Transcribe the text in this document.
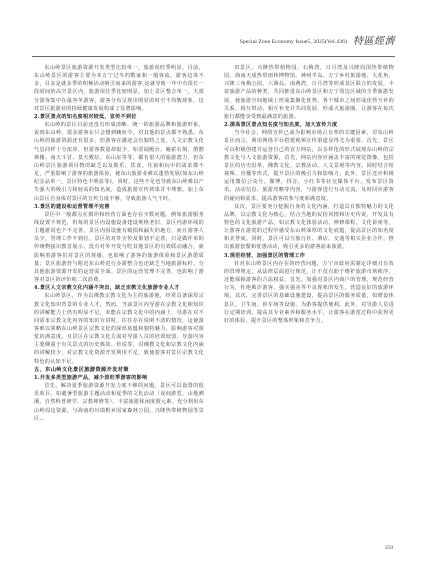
Special Zone Economy Issue5, 2025(Vol.436) 特區經濟

东山岭景区旅游资源开发类型比较单一，旅游误旺季明显，目前，东山岭景区的游客主要为本万宁过冬的数家和一般客流，游客边体不多，目多是就多季的积極活动吸引而来的游客,这就导致一年中有很长一段时间的高空景区内，旅游误往季比较明显，加上景区整合单一，大部分游客集中在最容冬游客，游客分布呈现出明显的时空不均衡现象，这对景区旅游业的持续健康发展构成了显著影响。

2.景区景点的知名度相对较低，宣传不到位

东山岭的景区目前还没有形成清晰、统一的旅游品牌和旅游形象，说到东山岭，很多游客在只会想到赖宿令，对其他的景点都不熟悉。东山岭的旅游资源还有很多，但游客在感还会有独特之处，人文宗教文化气息同样十分浓厚，但游客数量却很少，如香闻殿台、瞳霍石刻、鹊鹊禅楼、南天斗冒、莫天殿坛、东山室等等，都有很大的旅游潜力，但东山岭景区旅游项目物的缺乏以及娱乐、饮食、住宿和玩中的需求都不足，严重影响了游客的旅游体验，使东山旅游业难以蓬勃发展(如东山岭纪念品单一，景区特色不明显等)。同时，这些不足也导致东山岭难以产生强大的吸引力和较高的知名度，造成旅游宣传效果并不理想。加上东山景区自身体对景区的宣传力度不够，导致旅游人气不旺。

3.景区的建设和运营管理不完善

景区中一般都点在摄坦和经营方面也存在少数问题。例如旅游服务线设置不规范，但每的景区内设施设备建设规格老旧，景区内游环线的主题游说也个不完善，景区内因设施有破损和漏失的地方，而且游客人员少，管理工作不到位。景区的对外宣传及策划不完善，只是做作单的传统物接识教首展示，没有对外开发与吃其他景区的有效联动融合，就影响着游客们对景区的观感，也影响了游客的旅游体验和景区游憩质量；景区旅游营与附近东山岭进行多游整合也还缺乏当地旅游标杆，分其他旅游资源开发的运营需全面。景区的运营管理不完善，也影响了游客对景区的评价和二次消费。

4.景区人文宗教文化内涵不突出，缺乏宗教文化旅游专业人才

东山岭景区，作为以佛教宗教文化为主的旅游地，经常具备深厚宗教文化知识背景的专业人才，然而，当前景区内导游在宗教文化和知识的讲解能力上仍有明显不足，未能在宗教文化中的内涵上，导游在对不同需求宗教文化内容的知识宣讲时，往往存在说明不清的情况，这使游客难以领略东山岭景区宗教文化的深厚底蕴和独特魅力，影响游客对游览的满意度。且景区在宗教文化方面对导游人员的培训较弱，导游内容主要侧重于有关景点的历史典故、传说等，对佛教文化和宗教文化内涵的讲解较少，对宗教文化资源开发利用不足，致使游客对景区宗教文化特色的认知不足。

五、东山岭文化景区旅游资源开发对策
1.开发多类型旅游产品，减少淡旺季游客的影响

首先，解决夏季旅游资源开发力度不够的问题。景区可以设置的很乐项目，如避暑型旅游主题活动和夏季的文化活动（夜间游览、山地溯溪、自然科普研学、宗教禅修等），丰富旅游休闲度假元素。充分利用东山岭周边资源，与海南的川瑞根乡国家森林公园、兴隆热带植物园等景区...

田景区，兴隆热带植物园、石梅湾，日月湾及兴隆周围热带植物园，海南天成热带雨林博物馆、神州半岛、万宁乡村旅游地、大花角，兴隆三角梅公园，六洲岛，南燕湾，日月湾等形成景区联合的发展，丰富旅游产品的种类，共同推进东山岭景区和万宁周边区域的全季旅游发展，使旅游空间地域上形成集聚化优势，各个城市之间形成优势互补的关系，相互带动，相互补充并共同发展，形成大旅游圈，让游客在每次旅行都能享受到最满意的旅游。

2.提高景区景点知名度与知名度，加大宣传力度

当今社会，网络宣传已成为影响市场占有率的关键因素，对东山岭景区而言，利用网络平台搭建视频宣传渠道显得尤为重要。首先，景区可以积极创建并运营自己的官方网站，以多样化的形式展现东山岭的宗教文化与人文旅游资源，首先，网站内容应涵盖丰富的视觉图像，包括景区的历史沿革、佛教文化、宗教活动、人文景观等内容，同时结合短视频、直播等形式，提升景区的吸引力和影响力。此外，景区还应积极运用微信公众号、微博、抖音、小红书等社交媒体平台，发布景区资讯、活动信息、旅游攻略等内容，与游客进行互动交流，及时回应游客的疑问和需求，提高游客的参与度和满意度。

其次，景区要充分挖掘自身的文化内涵，打造具有独特魅力的文化品牌，以宗教文化为核心，结合当地的民俗风情和历史传说，开发具有特色的文化旅游产品，如宗教文化体验活动、禅修课程、文化讲座等，让游客在游览的过程中感受东山岭深厚的文化底蕴，提高景区的知名度和美誉度。同时，景区可以与旅行社、酒店、交通等相关企业合作，推出旅游套餐和优惠活动，吸引更多的游客前来旅游。

3.规范经营，加强景区的管理工作

针对东山岭景区内存在的经营问题，万宁市政府需制定详细且有效的管理规定，从法律层面进行规范，让不仅有助于维护旅游市场秩序，还能保障游客的合法权益。首先，加强对景区内商户的管理，规范经营行为，杜绝欺诈游客、强买强卖等不良现象的发生，营造良好的旅游环境。其次，完善景区的基础设施建设，提高景区的服务质量，如增设休息区、卫生间、停车场等设施，为游客提供便利。此外，对导游人员进行定期培训，提高其专业素养和服务水平，让游客在游览过程中获得更好的体验，提升景区的整体形象和竞争力。

159
